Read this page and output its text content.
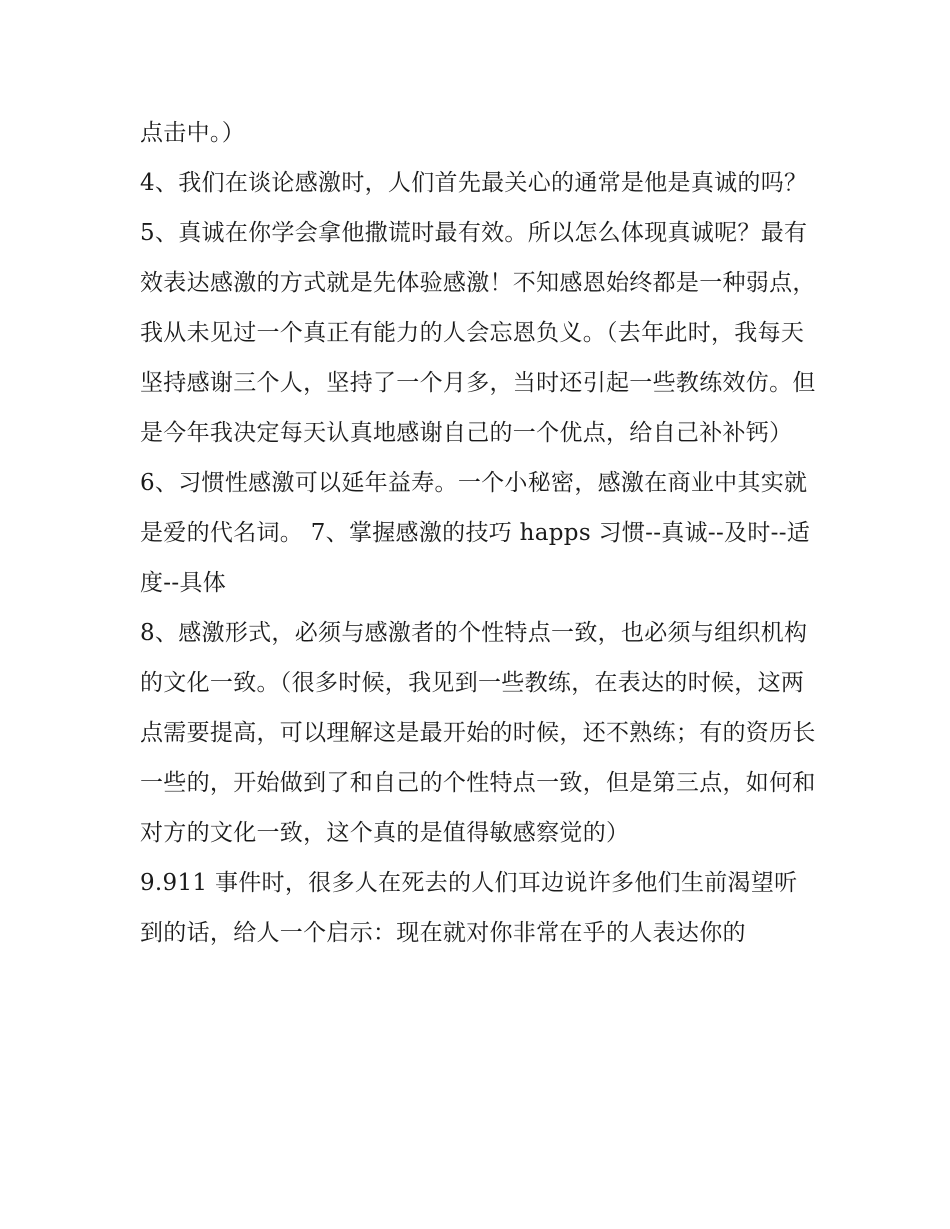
点击中。）

4、我们在谈论感激时，人们首先最关心的通常是他是真诚的吗？

5、真诚在你学会拿他撒谎时最有效。所以怎么体现真诚呢？最有效表达感激的方式就是先体验感激！不知感恩始终都是一种弱点，我从未见过一个真正有能力的人会忘恩负义。（去年此时，我每天坚持感谢三个人，坚持了一个月多，当时还引起一些教练效仿。但是今年我决定每天认真地感谢自己的一个优点，给自己补补钙）

6、习惯性感激可以延年益寿。一个小秘密，感激在商业中其实就是爱的代名词。 7、掌握感激的技巧 happs 习惯--真诚--及时--适度--具体

8、感激形式，必须与感激者的个性特点一致，也必须与组织机构的文化一致。（很多时候，我见到一些教练，在表达的时候，这两点需要提高，可以理解这是最开始的时候，还不熟练；有的资历长一些的，开始做到了和自己的个性特点一致，但是第三点，如何和对方的文化一致，这个真的是值得敏感察觉的）

9.911 事件时，很多人在死去的人们耳边说许多他们生前渴望听到的话，给人一个启示：现在就对你非常在乎的人表达你的
